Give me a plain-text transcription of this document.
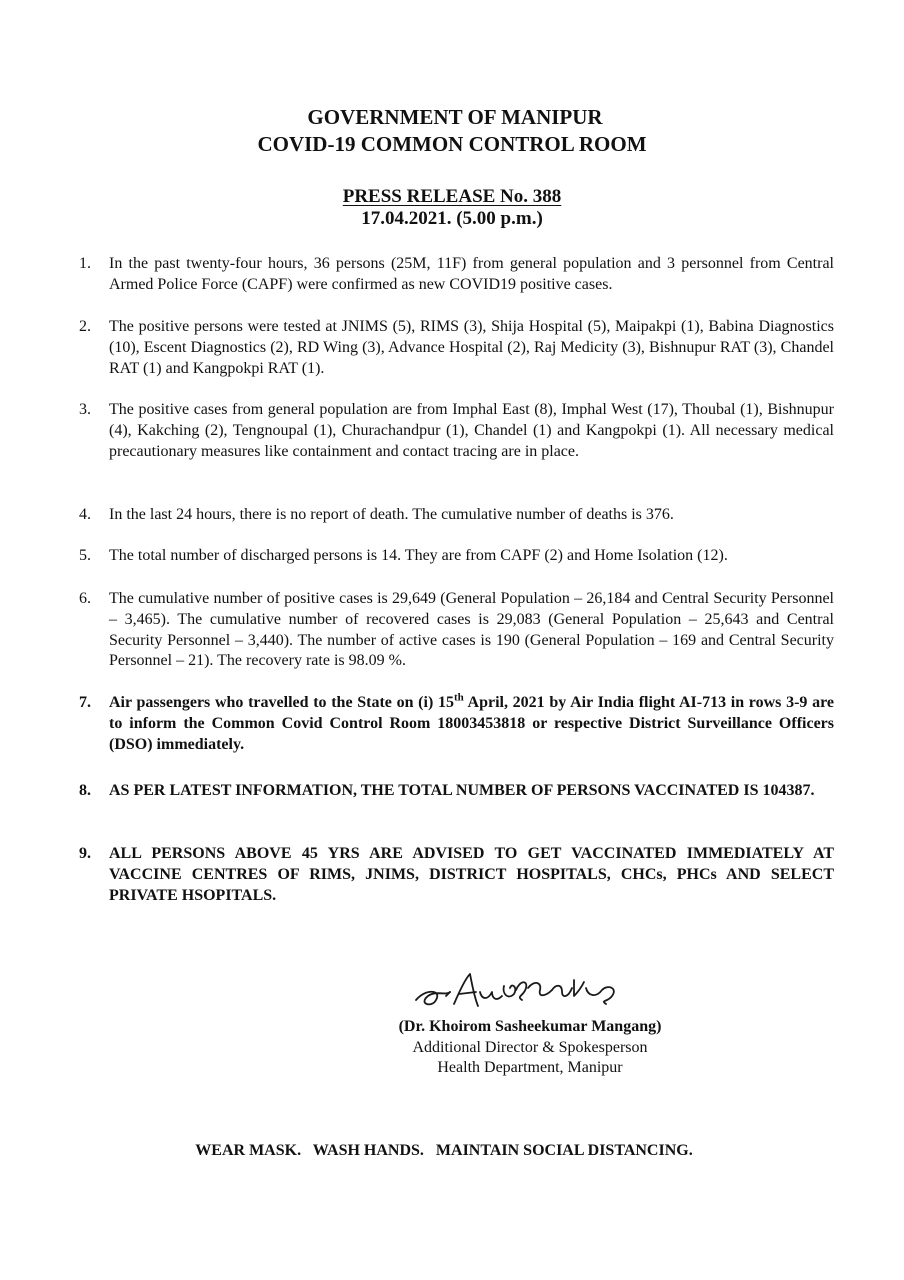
GOVERNMENT OF MANIPUR
COVID-19 COMMON CONTROL ROOM
PRESS RELEASE No. 388
17.04.2021. (5.00 p.m.)
1.	In the past twenty-four hours, 36 persons (25M, 11F) from general population and 3 personnel from Central Armed Police Force (CAPF) were confirmed as new COVID19 positive cases.
2.	The positive persons were tested at JNIMS (5), RIMS (3), Shija Hospital (5), Maipakpi (1), Babina Diagnostics (10), Escent Diagnostics (2), RD Wing (3), Advance Hospital (2), Raj Medicity (3), Bishnupur RAT (3), Chandel RAT (1) and Kangpokpi RAT (1).
3.	The positive cases from general population are from Imphal East (8), Imphal West (17), Thoubal (1), Bishnupur (4), Kakching (2), Tengnoupal (1), Churachandpur (1), Chandel (1) and Kangpokpi (1). All necessary medical precautionary measures like containment and contact tracing are in place.
4.	In the last 24 hours, there is no report of death. The cumulative number of deaths is 376.
5.	The total number of discharged persons is 14. They are from CAPF (2) and Home Isolation (12).
6.	The cumulative number of positive cases is 29,649 (General Population – 26,184 and Central Security Personnel – 3,465). The cumulative number of recovered cases is 29,083 (General Population – 25,643 and Central Security Personnel – 3,440). The number of active cases is 190 (General Population – 169 and Central Security Personnel – 21). The recovery rate is 98.09 %.
7.	Air passengers who travelled to the State on (i) 15th April, 2021 by Air India flight AI-713 in rows 3-9 are to inform the Common Covid Control Room 18003453818 or respective District Surveillance Officers (DSO) immediately.
8.	AS PER LATEST INFORMATION, THE TOTAL NUMBER OF PERSONS VACCINATED IS 104387.
9.	ALL PERSONS ABOVE 45 YRS ARE ADVISED TO GET VACCINATED IMMEDIATELY AT VACCINE CENTRES OF RIMS, JNIMS, DISTRICT HOSPITALS, CHCs, PHCs AND SELECT PRIVATE HSOPITALS.
(Dr. Khoirom Sasheekumar Mangang)
Additional Director & Spokesperson
Health Department, Manipur
WEAR MASK.   WASH HANDS.   MAINTAIN SOCIAL DISTANCING.
